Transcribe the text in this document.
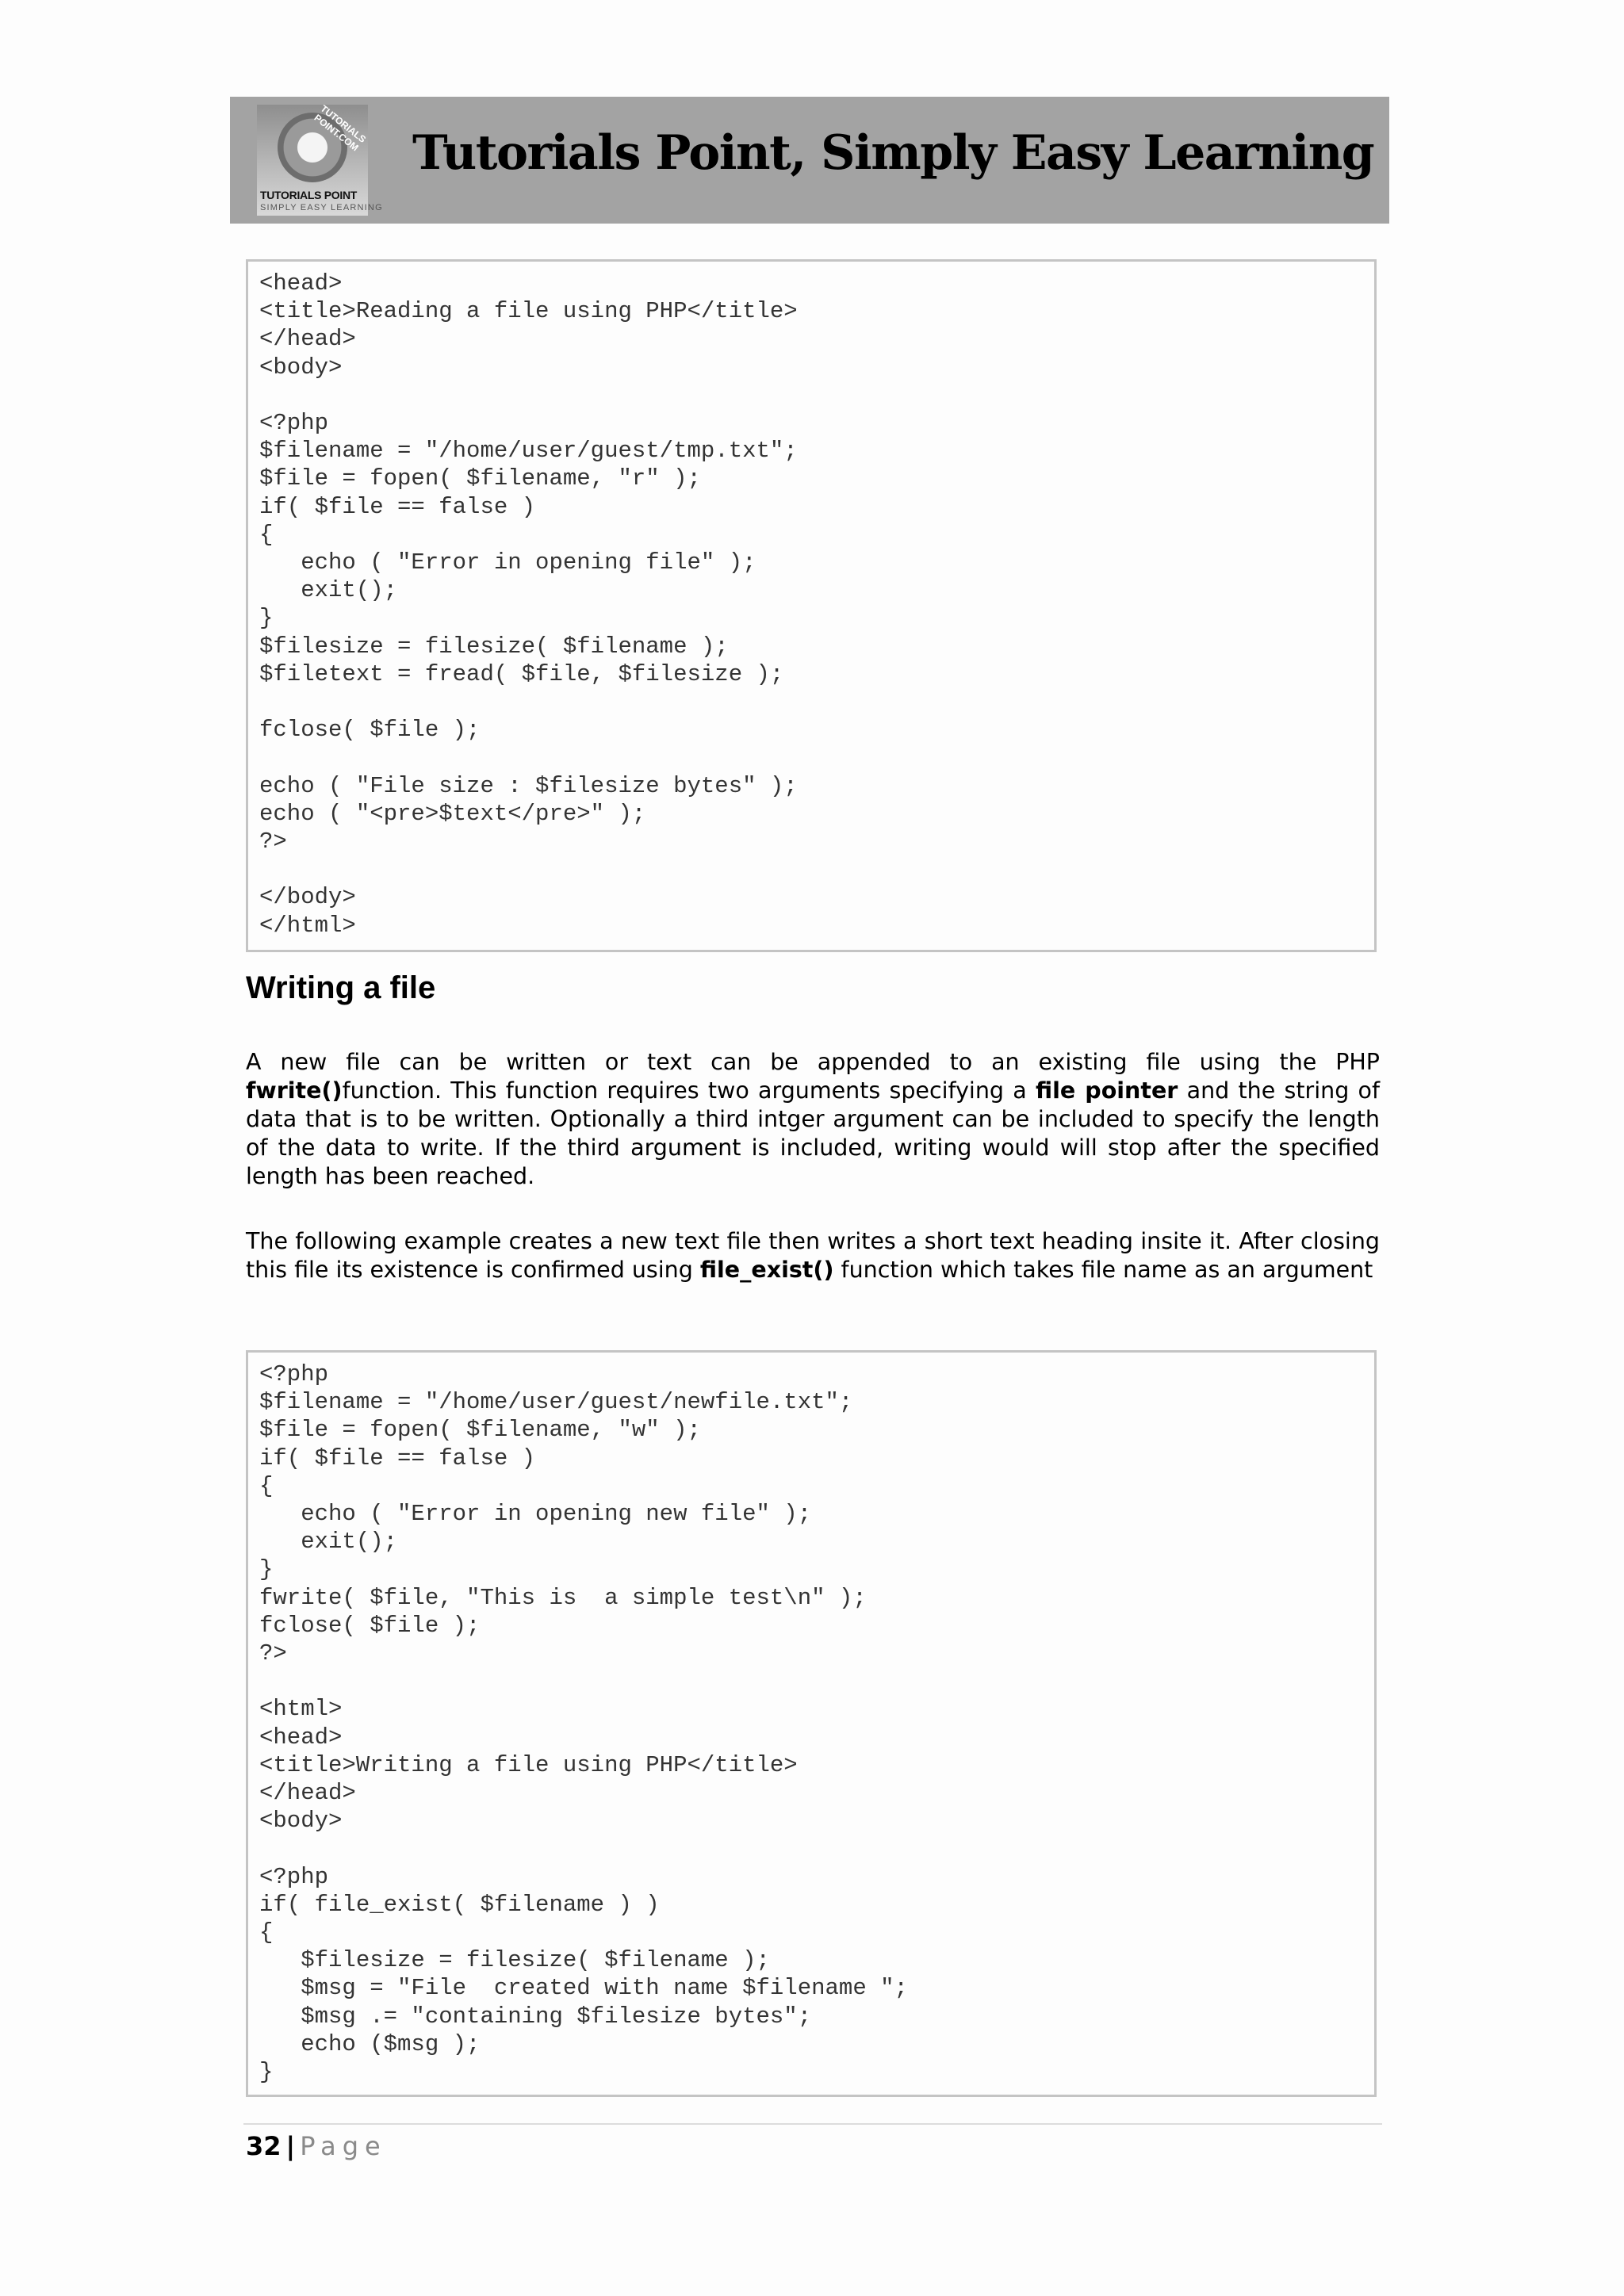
TUTORIALS POINT.COM
TUTORIALS POINT
SIMPLY EASY LEARNING
Tutorials Point, Simply Easy Learning
<head>
<title>Reading a file using PHP</title>
</head>
<body>

<?php
$filename = "/home/user/guest/tmp.txt";
$file = fopen( $filename, "r" );
if( $file == false )
{
echo ( "Error in opening file" );
exit();
}
$filesize = filesize( $filename );
$filetext = fread( $file, $filesize );

fclose( $file );

echo ( "File size : $filesize bytes" );
echo ( "<pre>$text</pre>" );
?>

</body>
</html>
Writing a file

A new file can be written or text can be appended to an existing file using the PHP fwrite()function. This function requires two arguments specifying a file pointer and the string of data that is to be written. Optionally a third intger argument can be included to specify the length of the data to write. If the third argument is included, writing would will stop after the specified length has been reached.

The following example creates a new text file then writes a short text heading insite it. After closing this file its existence is confirmed using file_exist() function which takes file name as an argument

<?php
$filename = "/home/user/guest/newfile.txt";
$file = fopen( $filename, "w" );
if( $file == false )
{
echo ( "Error in opening new file" );
exit();
}
fwrite( $file, "This is  a simple test\n" );
fclose( $file );
?>

<html>
<head>
<title>Writing a file using PHP</title>
</head>
<body>

<?php
if( file_exist( $filename ) )
{
$filesize = filesize( $filename );
$msg = "File  created with name $filename ";
$msg .= "containing $filesize bytes";
echo ($msg );
}
32 | Page
